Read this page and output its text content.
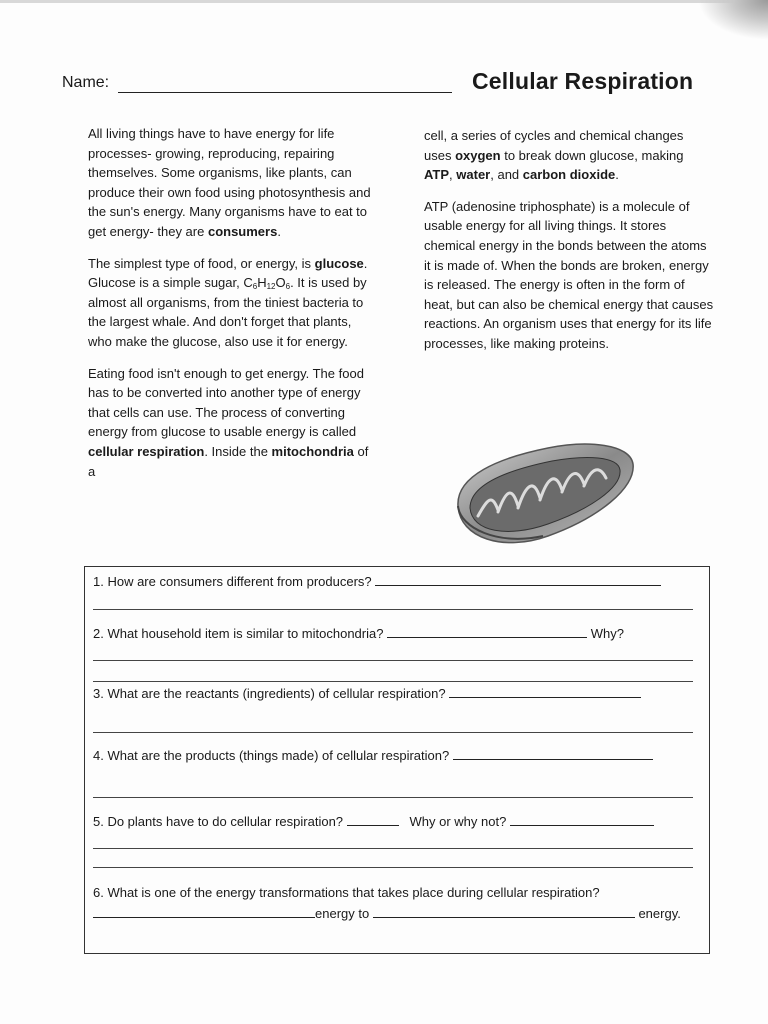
Name:	Cellular Respiration

All living things have to have energy for life processes- growing, reproducing, repairing themselves. Some organisms, like plants, can produce their own food using photosynthesis and the sun's energy. Many organisms have to eat to get energy- they are consumers.

The simplest type of food, or energy, is glucose. Glucose is a simple sugar, $C_6H_{12}O_6$. It is used by almost all organisms, from the tiniest bacteria to the largest whale. And don't forget that plants, who make the glucose, also use it for energy.

Eating food isn't enough to get energy. The food has to be converted into another type of energy that cells can use. The process of converting energy from glucose to usable energy is called cellular respiration. Inside the mitochondria of a

cell, a series of cycles and chemical changes uses oxygen to break down glucose, making ATP, water, and carbon dioxide.

ATP (adenosine triphosphate) is a molecule of usable energy for all living things. It stores chemical energy in the bonds between the atoms it is made of. When the bonds are broken, energy is released. The energy is often in the form of heat, but can also be chemical energy that causes reactions. An organism uses that energy for its life processes, like making proteins.

1. How are consumers different from producers?
2. What household item is similar to mitochondria?	Why?
3. What are the reactants (ingredients) of cellular respiration?
4. What are the products (things made) of cellular respiration?
5. Do plants have to do cellular respiration?	Why or why not?
6. What is one of the energy transformations that takes place during cellular respiration?
energy to	energy.
